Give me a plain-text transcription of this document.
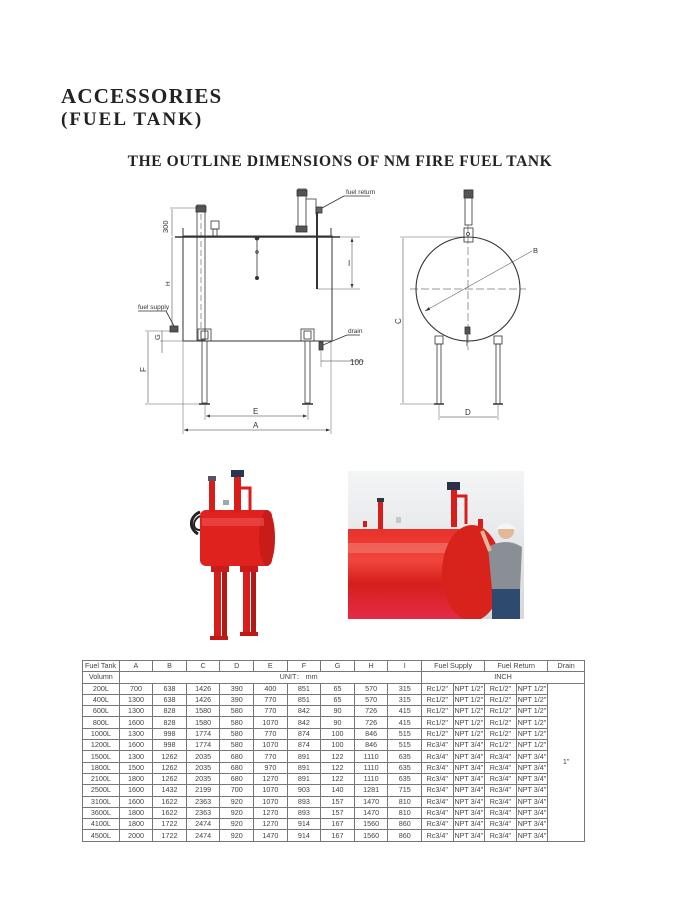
ACCESSORIES
(FUEL TANK)
THE OUTLINE DIMENSIONS OF NM FIRE FUEL TANK
fuel return
I
300
H
fuel supply
drain
100
G
F
E
A
B
C
D
Fuel Tank	A	B	C	D	E	F	G	H	I	Fuel Supply		Fuel Return		Drain
Volumn	UNIT： mm									INCH				
200L	700	638	1426	390	400	851	65	570	315	Rc1/2"	NPT 1/2"	Rc1/2"	NPT 1/2"	1"
400L	1300	638	1426	390	770	851	65	570	315	Rc1/2"	NPT 1/2"	Rc1/2"	NPT 1/2"	
600L	1300	828	1580	580	770	842	90	726	415	Rc1/2"	NPT 1/2"	Rc1/2"	NPT 1/2"	
800L	1600	828	1580	580	1070	842	90	726	415	Rc1/2"	NPT 1/2"	Rc1/2"	NPT 1/2"	
1000L	1300	998	1774	580	770	874	100	846	515	Rc1/2"	NPT 1/2"	Rc1/2"	NPT 1/2"	
1200L	1600	998	1774	580	1070	874	100	846	515	Rc3/4"	NPT 3/4"	Rc1/2"	NPT 1/2"	
1500L	1300	1262	2035	680	770	891	122	1110	635	Rc3/4"	NPT 3/4"	Rc3/4"	NPT 3/4"	
1800L	1500	1262	2035	680	970	891	122	1110	635	Rc3/4"	NPT 3/4"	Rc3/4"	NPT 3/4"	
2100L	1800	1262	2035	680	1270	891	122	1110	635	Rc3/4"	NPT 3/4"	Rc3/4"	NPT 3/4"	
2500L	1600	1432	2199	700	1070	903	140	1281	715	Rc3/4"	NPT 3/4"	Rc3/4"	NPT 3/4"	
3100L	1600	1622	2363	920	1070	893	157	1470	810	Rc3/4"	NPT 3/4"	Rc3/4"	NPT 3/4"	
3600L	1800	1622	2363	920	1270	893	157	1470	810	Rc3/4"	NPT 3/4"	Rc3/4"	NPT 3/4"	
4100L	1800	1722	2474	920	1270	914	167	1560	860	Rc3/4"	NPT 3/4"	Rc3/4"	NPT 3/4"	
4500L	2000	1722	2474	920	1470	914	167	1560	860	Rc3/4"	NPT 3/4"	Rc3/4"	NPT 3/4"	
